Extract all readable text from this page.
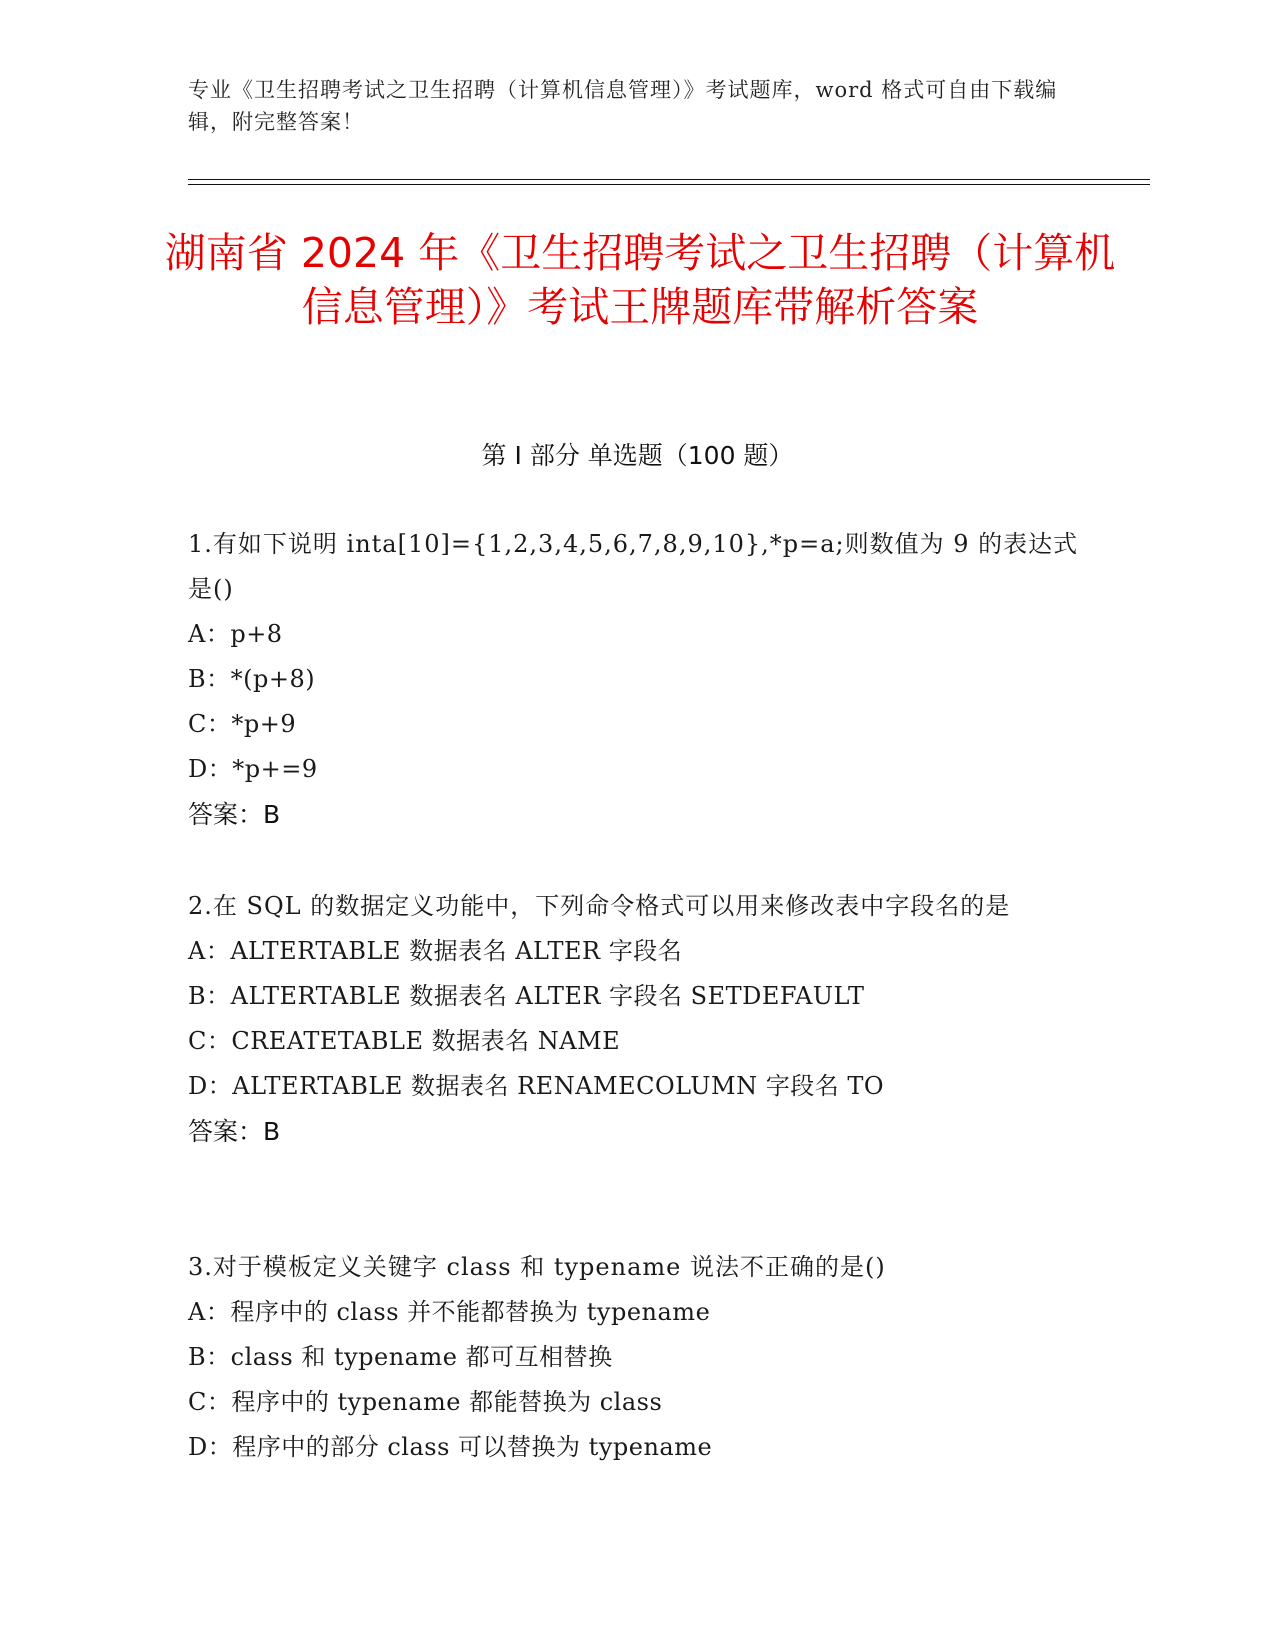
专业《卫生招聘考试之卫生招聘（计算机信息管理）》考试题库，word 格式可自由下载编辑，附完整答案！
湖南省 2024 年《卫生招聘考试之卫生招聘（计算机信息管理）》考试王牌题库带解析答案
第 I 部分 单选题（100 题）

1.有如下说明 inta[10]={1,2,3,4,5,6,7,8,9,10},*p=a;则数值为 9 的表达式是()

A：p+8

B：*(p+8)

C：*p+9

D：*p+=9

答案：B

2.在 SQL 的数据定义功能中，下列命令格式可以用来修改表中字段名的是

A：ALTERTABLE 数据表名 ALTER 字段名

B：ALTERTABLE 数据表名 ALTER 字段名 SETDEFAULT

C：CREATETABLE 数据表名 NAME

D：ALTERTABLE 数据表名 RENAMECOLUMN 字段名 TO

答案：B

3.对于模板定义关键字 class 和 typename 说法不正确的是()

A：程序中的 class 并不能都替换为 typename

B：class 和 typename 都可互相替换

C：程序中的 typename 都能替换为 class

D：程序中的部分 class 可以替换为 typename
